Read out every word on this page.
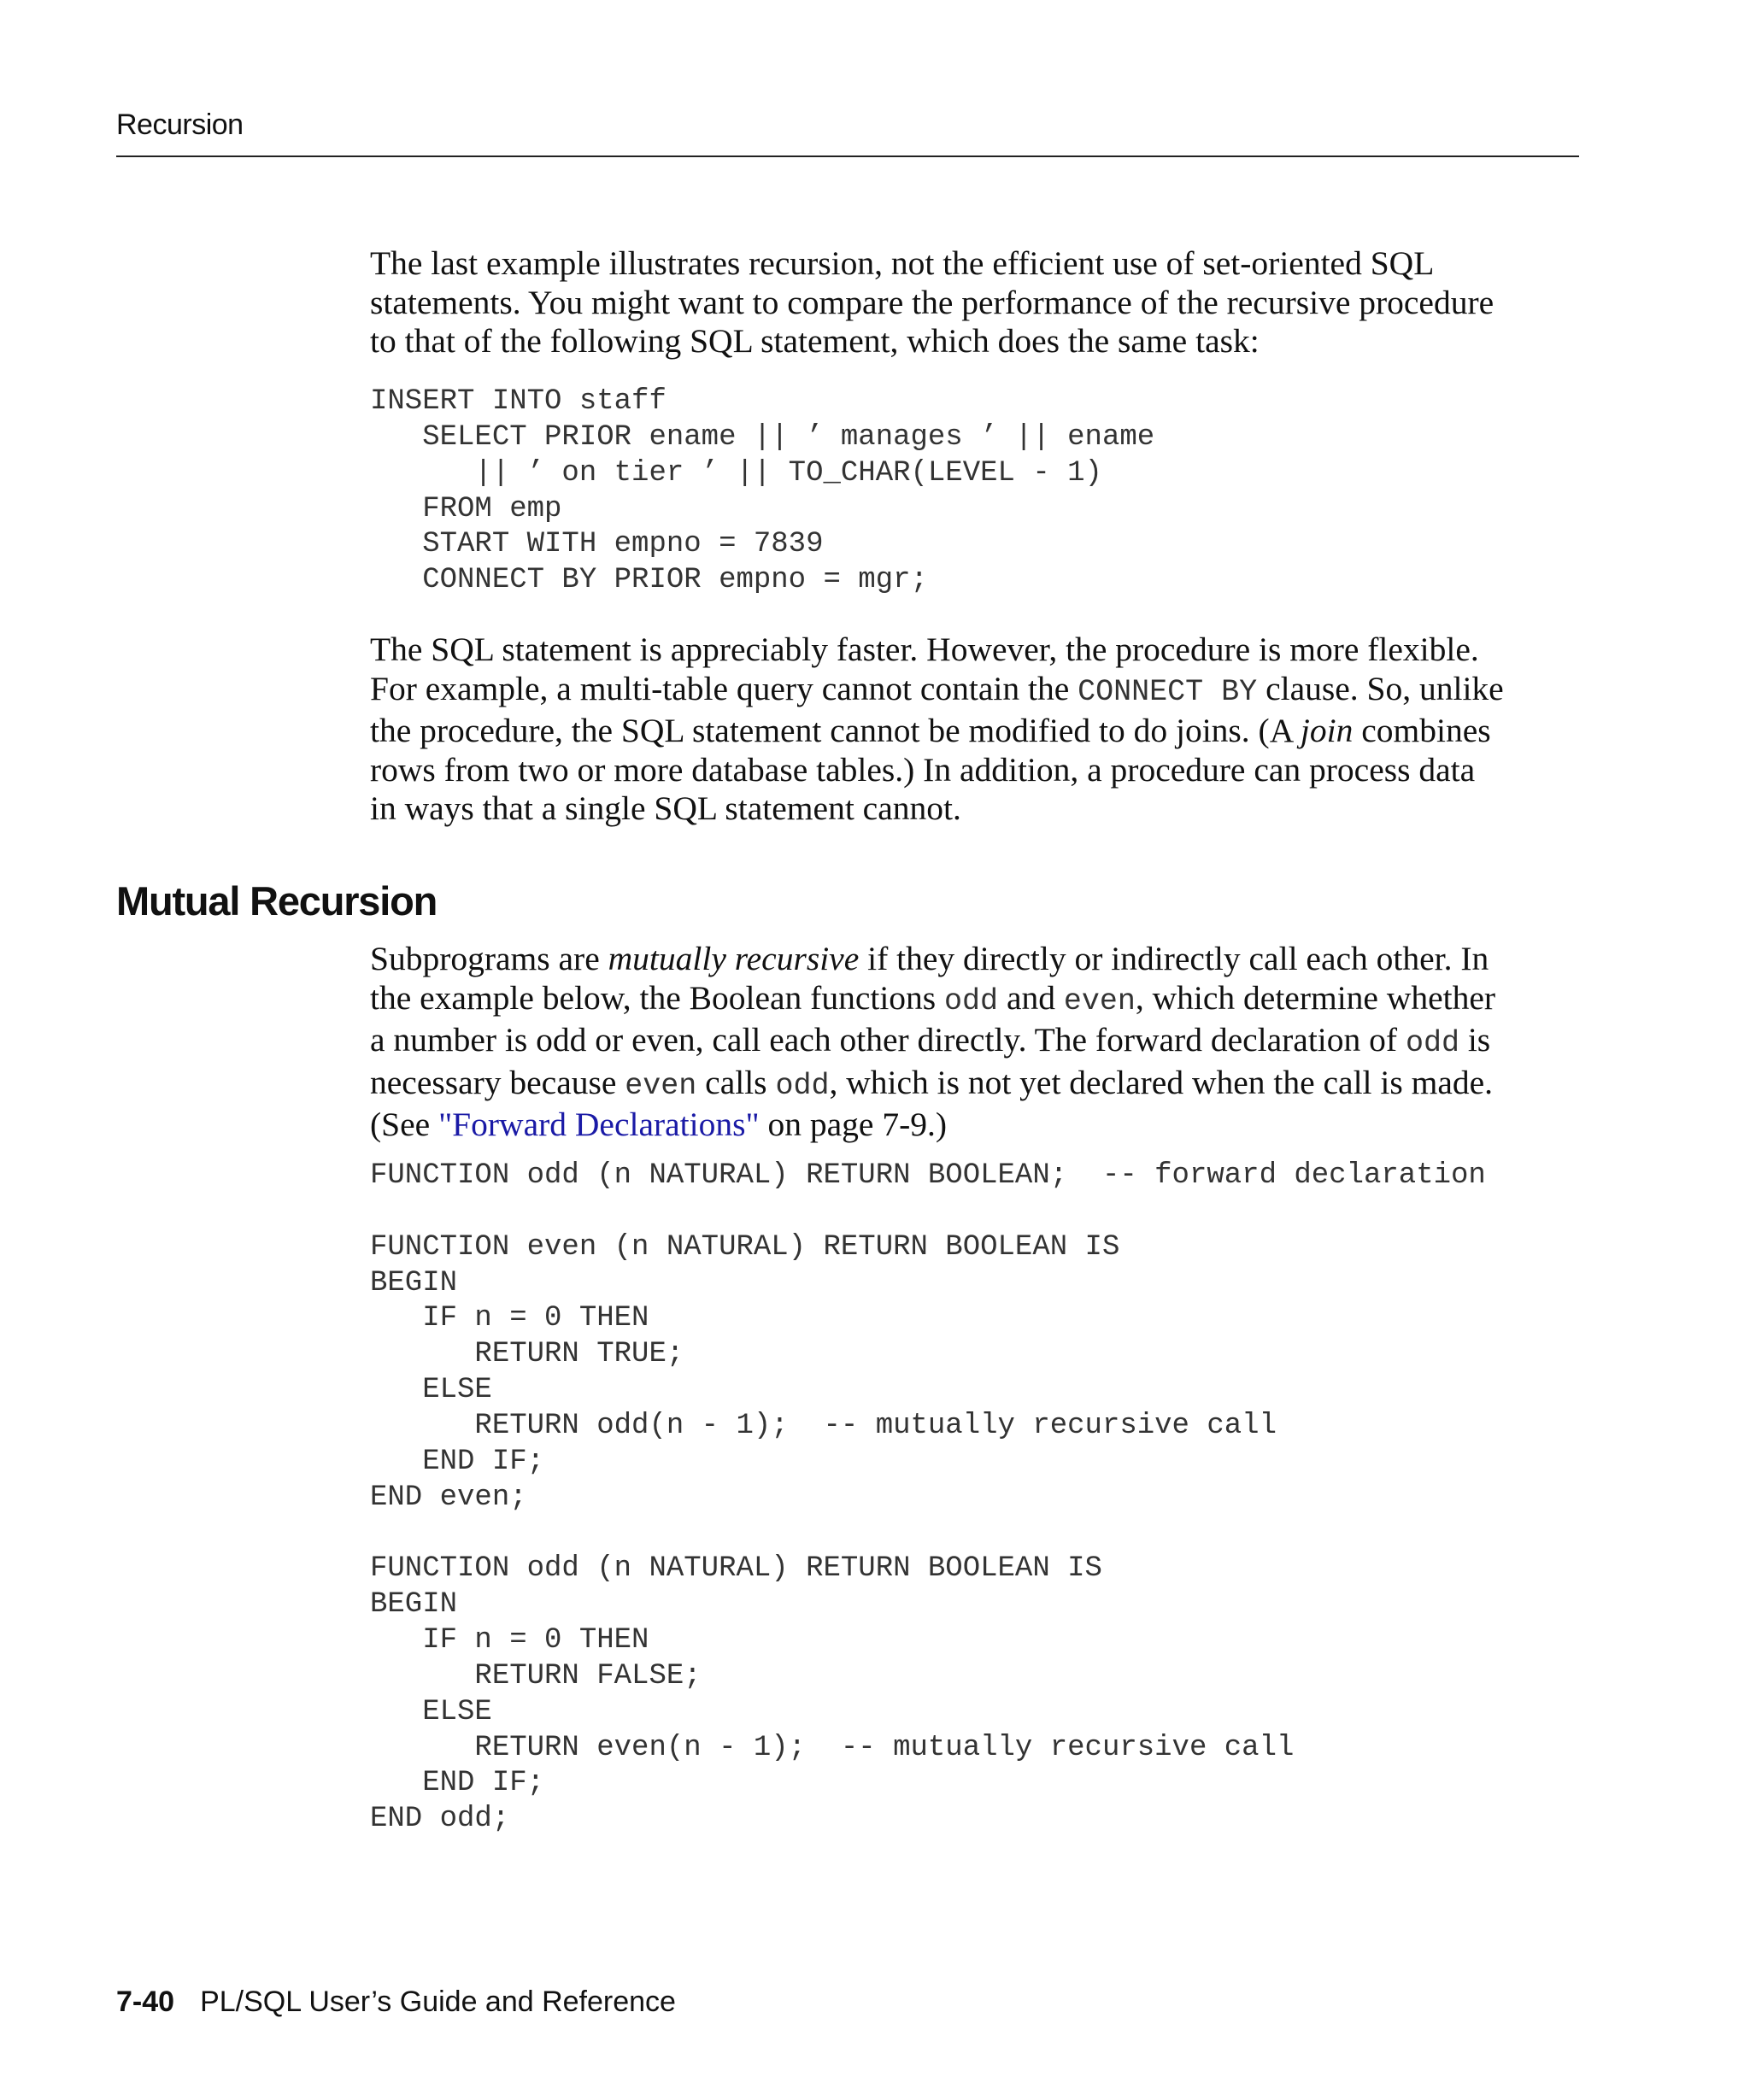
Recursion
The last example illustrates recursion, not the efficient use of set-oriented SQL
statements. You might want to compare the performance of the recursive procedure
to that of the following SQL statement, which does the same task:
INSERT INTO staff
SELECT PRIOR ename || ’ manages ’ || ename
|| ’ on tier ’ || TO_CHAR(LEVEL - 1)
FROM emp
START WITH empno = 7839
CONNECT BY PRIOR empno = mgr;
The SQL statement is appreciably faster. However, the procedure is more flexible.
For example, a multi-table query cannot contain the CONNECT BY clause. So, unlike
the procedure, the SQL statement cannot be modified to do joins. (A join combines
rows from two or more database tables.) In addition, a procedure can process data
in ways that a single SQL statement cannot.
Mutual Recursion
Subprograms are mutually recursive if they directly or indirectly call each other. In
the example below, the Boolean functions odd and even, which determine whether
a number is odd or even, call each other directly. The forward declaration of odd is
necessary because even calls odd, which is not yet declared when the call is made.
(See "Forward Declarations" on page 7-9.)
FUNCTION odd (n NATURAL) RETURN BOOLEAN;  -- forward declaration

FUNCTION even (n NATURAL) RETURN BOOLEAN IS
BEGIN
IF n = 0 THEN
RETURN TRUE;
ELSE
RETURN odd(n - 1);  -- mutually recursive call
END IF;
END even;

FUNCTION odd (n NATURAL) RETURN BOOLEAN IS
BEGIN
IF n = 0 THEN
RETURN FALSE;
ELSE
RETURN even(n - 1);  -- mutually recursive call
END IF;
END odd;
7-40 PL/SQL User’s Guide and Reference
